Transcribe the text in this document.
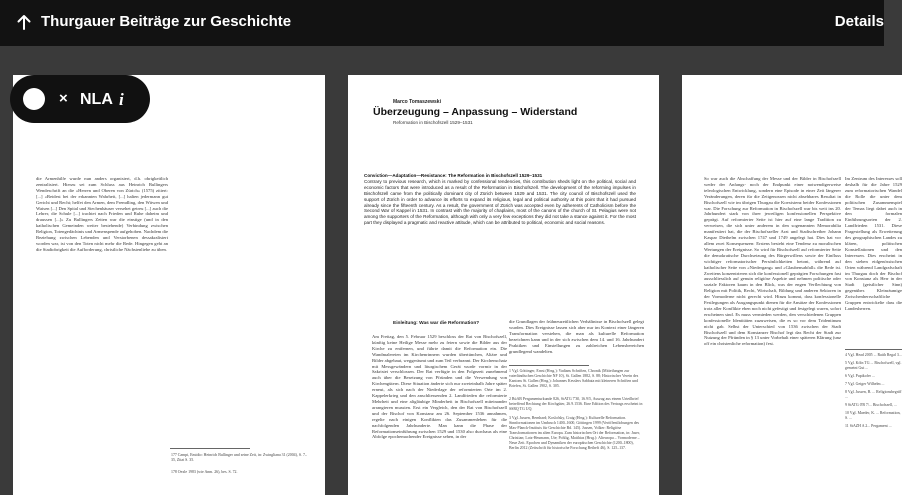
Thurgauer Beiträge zur Geschichte	Details

die Armenhilfe wurde nun anders organisiert, d.h. obrigkeitlich zentralisiert. Hierzu sei zum Schluss aus Heinrich Bullingers Wendeschrift an die «Herren und Oberen von Zürich» (1575) zitiert: [...] «Beidest bei der erkannten Wahrheit, [...] halten jedermann gut Gericht und Recht; helfet den Armen, dem Fremdling, den Witwen und Waisen [...] Den Spital und Siechenhäuser versehet getreu [...] auch die Lehrer, die Schule [...] trachtet nach Frieden und Ruhe daheim und draussen [...]» Zu Bullingers Zeiten war die einstige (und in den katholischen Gemeinden weiter bestehende) Verbindung zwischen Religion, Totengedächtnis und Armenspende aufgehoben. Nachdem die Beziehung zwischen Lebenden und Verstorbenen dessakralisiert worden war, ist von den Toten nicht mehr die Rede. Hingegen geht an die Stadtobrigkeit die Aufforderung, christliche Nächstenliebe zu üben.

177 Campi, Emidio: Heinrich Bullinger und seine Zeit, in: Zwingliana 31 (2004), S. 7–35, Zitat S. 35.

178 Oexle 1983 (wie Anm. 26), bes. S. 72.

Marco Tomaszewski
Überzeugung – Anpassung – Widerstand
Reformation in Bischofszell 1529–1531

Conviction—Adaptation—Resistance: The Reformation in Bischofszell 1529–1531
Contrary to previous research, which is marked by confessional tendencies, this contribution sheds light on the political, social and economic factors that were introduced as a result of the Reformation in Bischofszell. The development of the reforming impulses in Bischofszell came from the politically dominant city of Zürich between 1529 and 1531. The city council of Bischofszell used the support of Zürich in order to advance its efforts to expand its religious, legal and political authority at this point that it had pursued already since the fifteenth century. As a result, the government of Zürich was accepted even by adherents of Catholicism before the Second War of Kappel in 1531. In contrast with the majority of chaplains, most of the canons of the church of St. Pelagius were not among the supporters of the Reformation, although with only a very few exceptions they did not take a stance against it. For the most part they displayed a pragmatic and reactive attitude, which can be attributed to political, economic and social reasons.

Einleitung: Was war die Reformation?

Am Freitag, den 5. Februar 1529 beschloss der Rat von Bischofszell, künftig keine Heilige Messe mehr zu feiern sowie die Bilder aus der Kirche zu entfernen, und führte damit die Reformation ein. Die Wandmalereien im Kirchenrinnern wurden übertünchen, Altäre und Bilder abgebaut, weggeräumt und zum Teil verbrannt. Der Kirchenschatz mit Messgewändern und liturgischem Gerät wurde vormir in der Sakristei verschlossen. Der Rat verfügte in den Folgezeit zunehmend auch über die Besetzung von Pfründen und die Verwendung von Kirchengütern. Diese Situation änderte sich nur zweieinhalb Jahre später erneut, als sich nach der Niederlage der reformierten Orte im 2. Kappelerkrieg und den anschliessenden 2. Landfrieden die reformierte Mehrheit und eine altgläubige Minderheit in Bischofszell miteinander arrangieren mussten. Erst ein Vergleich, den der Rat von Bischofszell und der Bischof von Konstanz am 26. September 1536 annahmen, regelte nach einigen Konflikten das Zusammenleben für die nachfolgenden Jahrhunderte. Man kann die Phase der Reformationseinführung zwischen 1529 und 1530 also durchaus als eine Abfolge epochemachender Ereignisse sehen, in der

die Grundlagen der frühneuzeitlichen Verhältnisse in Bischofszell gelegt wurden. Dies Ereignisse lassen sich aber nur im Kontext einer längeren Transformation verstehen, die man als kulturelle Reformation bezeichnen kann und in der sich zwischen dem 14. und 16. Jahrhundert Praktiken und Einstellungen zu zahlreichen Lebensbereichen grundlegend wandelten.

1 Vgl. Göttinger, Ernst (Hrsg.): Vadians Schriften, Chronik (Mitteilungen zur vaterländischen Geschichte NF 10), St. Gallen 1882, S. 88; Historischer Verein des Kantons St. Gallen (Hrsg.): Johannes Kesslers Sabbata mit kleineren Schriften und Briefen, St. Gallen 1902, S. 305.

2 BüAB Pergamenturkunde 826, StATG 7'30, 16.9/5, Auszug aus einem Urteilbrief betreffend Rechtung der Kirchgüter, 26.9.1536. Eine Edition des Vertrags erscheint in SSRQ TG UQ.

3 Vgl. Jussen, Bernhard; Koslofsky, Craig (Hrsg.): Kulturelle Reformation. Sinnformationen im Umbruch 1400–1600, Göttingen 1999 (Veröffentlichungen des Max-Planck-Instituts für Geschichte Bd. 145). Jussen, Volker: Religiöse Transformationen im alten Europa. Zum historischen Ort der Reformation, in: Jaser, Christian; Lotz-Heumann, Ute; Pohlig, Matthias (Hrsg.): Alteuropa – Vormoderne – Neue Zeit. Epochen und Dynamiken der europäischen Geschichte (1200–1800), Berlin 2012 (Zeitschrift für historische Forschung Beiheft 46), S. 125–137.

So war auch die Abschaffung der Messe und der Bilder in Bischofszell weder der Anfangs- noch der Endpunkt einer notwendigerweise teleologischen Entwicklung, sondern eine Episode in einer Zeit längerer Veränderungen, deren für die Zeitgenossen nicht absehbares Resultat in Bischofszell wie im übrigen Thurgau die Koexistenz beider Konfessionen war. Die Forschung zur Reformation in Bischofszell war bis weit ins 20. Jahrhundert stark von ihrer jeweiligen konfessionellen Perspektive geprägt. Auf reformierter Seite ist hier auf eine lange Tradition zu verweisen, die sich unter anderem in den sogenannten Memorabilia manifestiert hat, die der Bischofszeller Arzt und Stadtschreiber Johann Kaspar Diethelm zwischen 1747 und 1749 angelegt hat. Dies hat vor allem zwei Konsequenzen: Erstens besteht eine Tendenz zu moralischen Wertungen der Ereignisse. So wird für Bischofszell auf reformierter Seite die demokratische Durchsetzung des Bürgerwillens sowie der Einfluss wichtiger reformatorischer Persönlichkeiten betont, während auf katholischer Seite von «Niedergang» und «Glaubensabfall» die Rede ist. Zweitens konzentrieren sich die konfessionell geprägten Forschungen fast ausschliesslich auf genuin religiöse Aspekte und nehmen politische oder soziale Faktoren kaum in den Blick, was der engen Verflechtung von Religion mit Politik, Recht, Wirtschaft, Bildung und anderen Sektoren in der Vormoderne nicht gerecht wird. Hinzu kommt, dass konfessionelle Festlegungen als Ausgangspunkt dienen für die Ansätze der Konfessionen trotz aller Konflikte eben noch nicht gefestigt und festgelegt waren, sofort erscheinen sind. Es muss vermieden werden, den verschiedenen Gruppen konfessionelle Identitäten zuzuweisen, die es so vor dem Tridentinum nicht gab. Selbst der Unterschied von 1536 zwischen der Stadt Bischofszell und dem Konstanzer Bischof legt das Recht der Stadt zur Nutzung der Pfründen in § 13 unter Vorbehalt einer späteren Klärung (unz off ein christenliche reformation) fest.

Im Zentrum des Interesses soll deshalb für die Jahre 1529 zum reformatorischen Wandel die Rolle die unter dem politischen Zusammenspiel der Temas liegt dabei auch in den formalen Einführungsorten der 2. Landfrieden 1531. Diese Fragestellung als Erweiterung des geographischen Landes zu klären, politischen Konstellationen und den Interessen. Dies erscheint in den sieben eidgenössischen Orten während Landgrafschaft im Thurgau doch der Bischof von Konstanz als Herr in der Stadt (geistlicher Sinn) gegenüber. Kleinräumige Zwischenherrschaftliche Gruppen entwickelte dass die Landesherren.

4 Vgl. Head 2005 ... Raith Regal 3...

5 Vgl. Köln TG ... Bischofszell, vgl. gemeint Gut ...

6 Vgl. Pupikofer ...

7 Vgl. Geiger Wilhelm ...

8 Vgl. Jussen, B. ... Religionsbegriff ...

9 StATG 0'B 7/... Bischofszell, ...

10 Vgl. Maeder, K. ... Reformation, S. ...

11 StAZH A 2... Pergament ...

× NLA i
